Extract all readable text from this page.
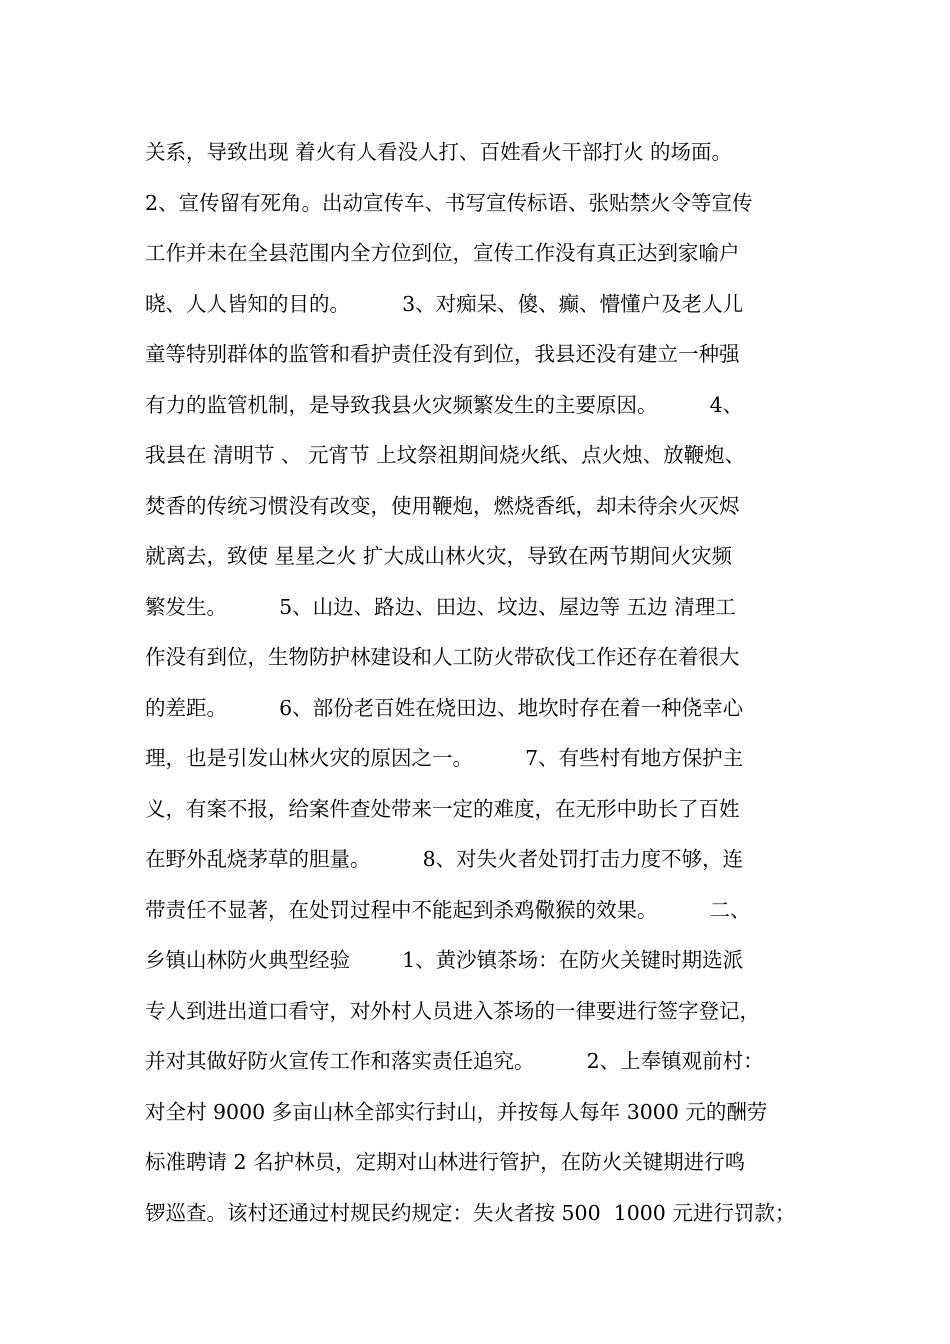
关系，导致出现 着火有人看没人打、百姓看火干部打火 的场面。
2、宣传留有死角。出动宣传车、书写宣传标语、张贴禁火令等宣传
工作并未在全县范围内全方位到位，宣传工作没有真正达到家喻户
晓、人人皆知的目的。        3、对痴呆、傻、癫、懵懂户及老人儿
童等特别群体的监管和看护责任没有到位，我县还没有建立一种强
有力的监管机制，是导致我县火灾频繁发生的主要原因。        4、
我县在 清明节 、 元宵节 上坟祭祖期间烧火纸、点火烛、放鞭炮、
焚香的传统习惯没有改变，使用鞭炮，燃烧香纸，却未待余火灭烬
就离去，致使 星星之火 扩大成山林火灾，导致在两节期间火灾频
繁发生。        5、山边、路边、田边、坟边、屋边等 五边 清理工
作没有到位，生物防护林建设和人工防火带砍伐工作还存在着很大
的差距。        6、部份老百姓在烧田边、地坎时存在着一种侥幸心
理，也是引发山林火灾的原因之一。        7、有些村有地方保护主
义，有案不报，给案件查处带来一定的难度，在无形中助长了百姓
在野外乱烧茅草的胆量。        8、对失火者处罚打击力度不够，连
带责任不显著，在处罚过程中不能起到杀鸡儆猴的效果。        二、
乡镇山林防火典型经验        1、黄沙镇茶场：在防火关键时期选派
专人到进出道口看守，对外村人员进入茶场的一律要进行签字登记，
并对其做好防火宣传工作和落实责任追究。        2、上奉镇观前村：
对全村 9000 多亩山林全部实行封山，并按每人每年 3000 元的酬劳
标准聘请 2 名护林员，定期对山林进行管护，在防火关键期进行鸣
锣巡查。该村还通过村规民约规定：失火者按 500  1000 元进行罚款；
